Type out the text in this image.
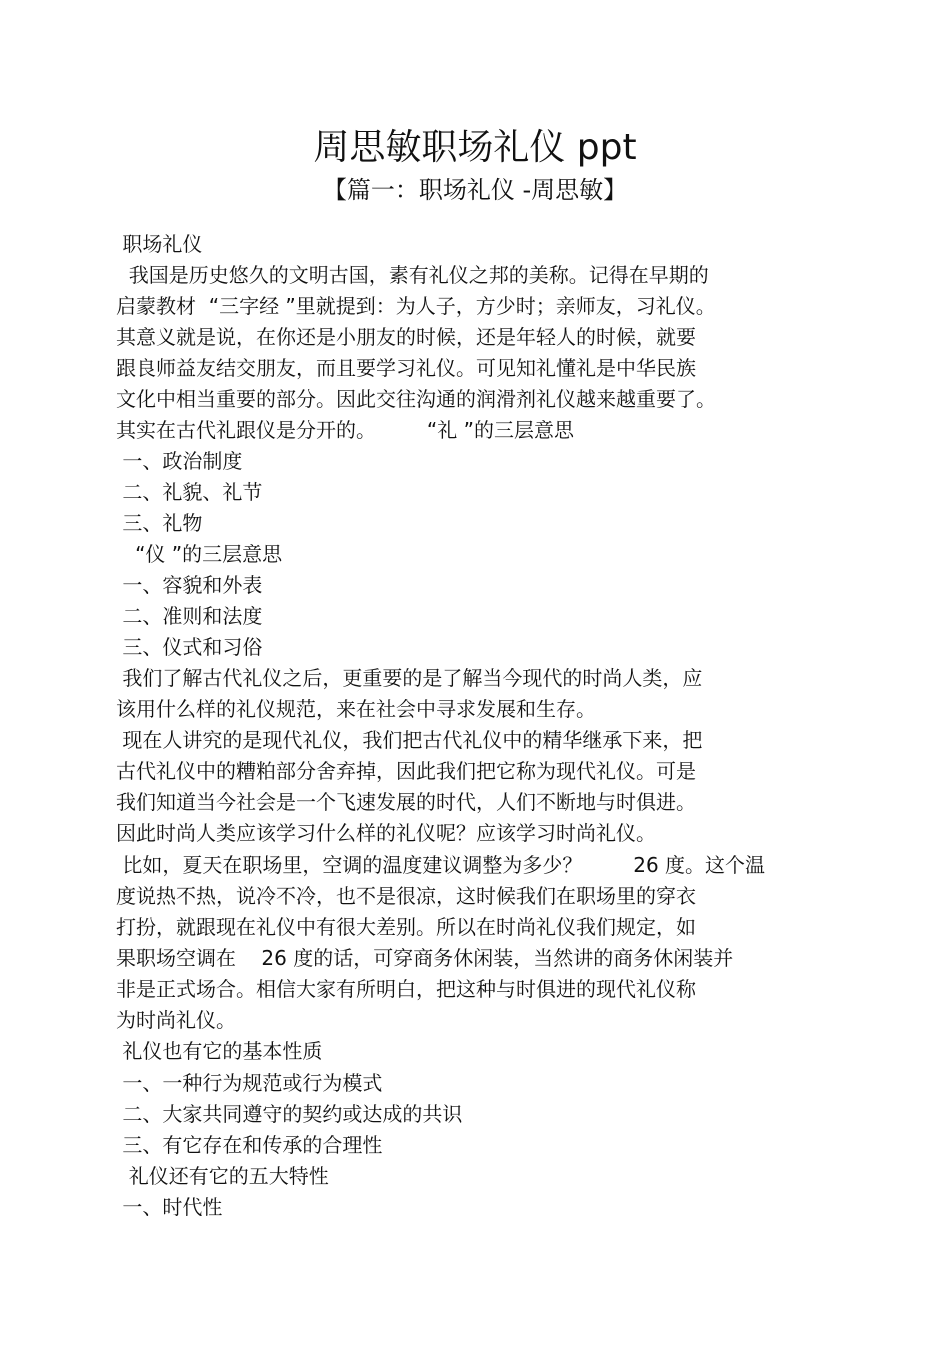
周思敏职场礼仪 ppt
【篇一：职场礼仪 -周思敏】
职场礼仪
我国是历史悠久的文明古国，素有礼仪之邦的美称。记得在早期的
启蒙教材  “三字经 ”里就提到：为人子，方少时；亲师友，习礼仪。
其意义就是说，在你还是小朋友的时候，还是年轻人的时候，就要
跟良师益友结交朋友，而且要学习礼仪。可见知礼懂礼是中华民族
文化中相当重要的部分。因此交往沟通的润滑剂礼仪越来越重要了。
其实在古代礼跟仪是分开的。        “礼 ”的三层意思
一、政治制度
二、礼貌、礼节
三、礼物
“仪 ”的三层意思
一、容貌和外表
二、准则和法度
三、仪式和习俗
我们了解古代礼仪之后，更重要的是了解当今现代的时尚人类，应
该用什么样的礼仪规范，来在社会中寻求发展和生存。
现在人讲究的是现代礼仪，我们把古代礼仪中的精华继承下来，把
古代礼仪中的糟粕部分舍弃掉，因此我们把它称为现代礼仪。可是
我们知道当今社会是一个飞速发展的时代，人们不断地与时俱进。
因此时尚人类应该学习什么样的礼仪呢？应该学习时尚礼仪。
比如，夏天在职场里，空调的温度建议调整为多少？        26 度。这个温
度说热不热，说冷不冷，也不是很凉，这时候我们在职场里的穿衣
打扮，就跟现在礼仪中有很大差别。所以在时尚礼仪我们规定，如
果职场空调在    26 度的话，可穿商务休闲装，当然讲的商务休闲装并
非是正式场合。相信大家有所明白，把这种与时俱进的现代礼仪称
为时尚礼仪。
礼仪也有它的基本性质
一、一种行为规范或行为模式
二、大家共同遵守的契约或达成的共识
三、有它存在和传承的合理性
礼仪还有它的五大特性
一、时代性
